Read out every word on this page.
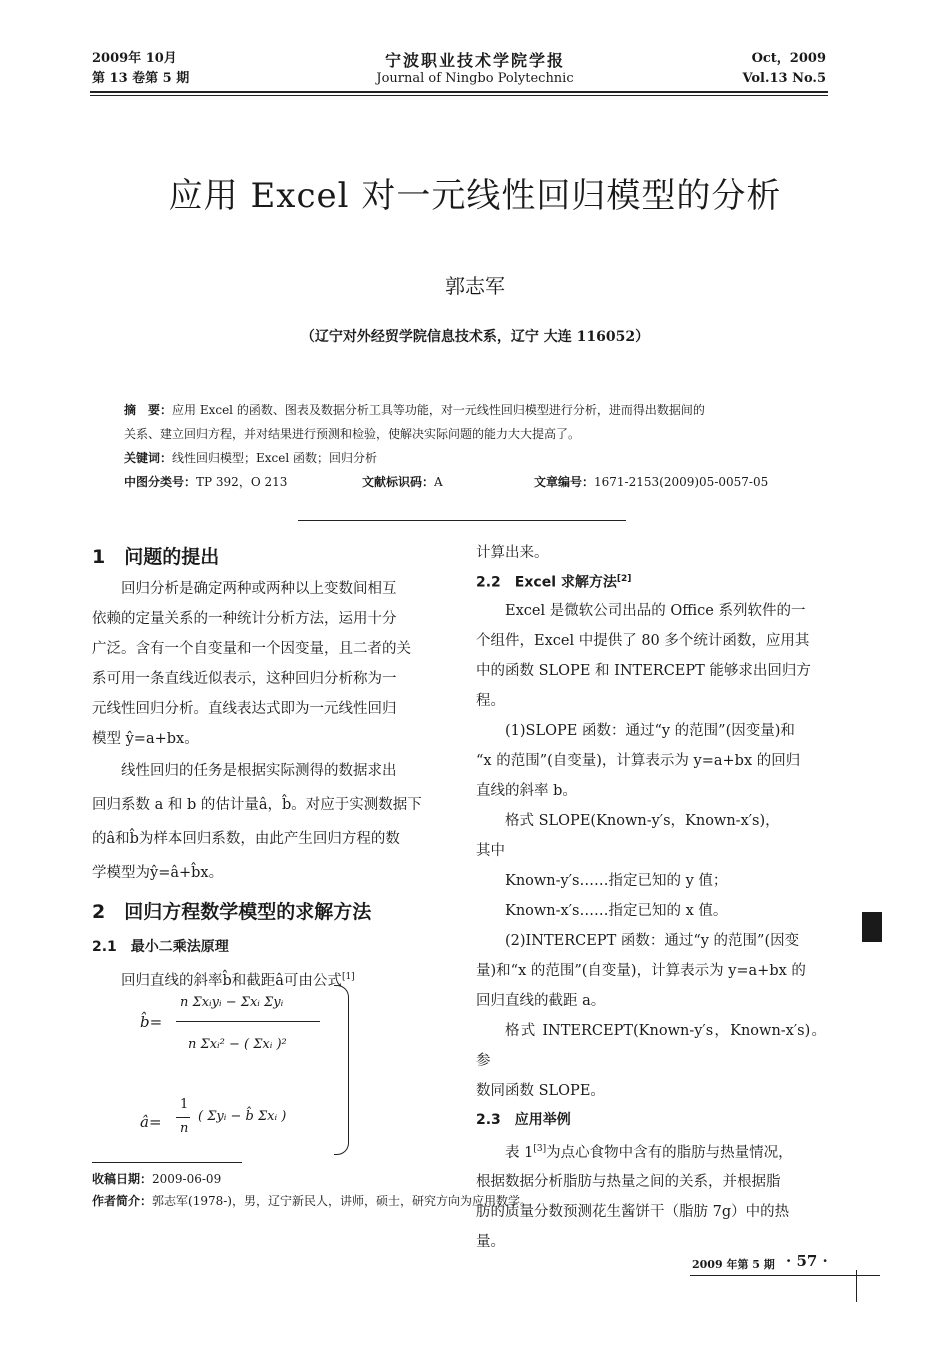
2009年 10月
第 13 卷第 5 期
宁波职业技术学院学报
Journal of Ningbo Polytechnic
Oct，2009
Vol.13 No.5
应用 Excel 对一元线性回归模型的分析
郭志军
（辽宁对外经贸学院信息技术系，辽宁 大连 116052）
摘　要：应用 Excel 的函数、图表及数据分析工具等功能，对一元线性回归模型进行分析，进而得出数据间的
关系、建立回归方程，并对结果进行预测和检验，使解决实际问题的能力大大提高了。
关键词：线性回归模型；Excel 函数；回归分析
中图分类号：TP 392，O 213	文献标识码：A	文章编号：1671-2153(2009)05-0057-05
1　问题的提出

回归分析是确定两种或两种以上变数间相互

依赖的定量关系的一种统计分析方法，运用十分

广泛。含有一个自变量和一个因变量，且二者的关

系可用一条直线近似表示，这种回归分析称为一

元线性回归分析。直线表达式即为一元线性回归

模型 ŷ=a+bx。

线性回归的任务是根据实际测得的数据求出

回归系数 a 和 b 的估计量â，b̂。对应于实测数据下

的â和b̂为样本回归系数，由此产生回归方程的数

学模型为ŷ=â+b̂x。

2　回归方程数学模型的求解方法
2.1　最小二乘法原理

回归直线的斜率b̂和截距â可由公式[1]

b̂=
n Σxᵢyᵢ − Σxᵢ Σyᵢ
n Σxᵢ² − ( Σxᵢ )²
â=
1
n
( Σyᵢ − b̂ Σxᵢ )

计算出来。

2.2　Excel 求解方法[2]

Excel 是微软公司出品的 Office 系列软件的一

个组件，Excel 中提供了 80 多个统计函数，应用其

中的函数 SLOPE 和 INTERCEPT 能够求出回归方

程。

(1)SLOPE 函数：通过“y 的范围”(因变量)和

“x 的范围”(自变量)，计算表示为 y=a+bx 的回归

直线的斜率 b。

格式 SLOPE(Known-y′s，Known-x′s)，

其中

Known-y′s……指定已知的 y 值；

Known-x′s……指定已知的 x 值。

(2)INTERCEPT 函数：通过“y 的范围”(因变

量)和“x 的范围”(自变量)，计算表示为 y=a+bx 的

回归直线的截距 a。

格式 INTERCEPT(Known-y′s，Known-x′s)。参

数同函数 SLOPE。

2.3　应用举例

表 1[3]为点心食物中含有的脂肪与热量情况，

根据数据分析脂肪与热量之间的关系，并根据脂

肪的质量分数预测花生酱饼干（脂肪 7g）中的热

量。

收稿日期：2009-06-09
作者简介：郭志军(1978-)，男，辽宁新民人，讲师，硕士，研究方向为应用数学。
2009 年第 5 期 · 57 ·
